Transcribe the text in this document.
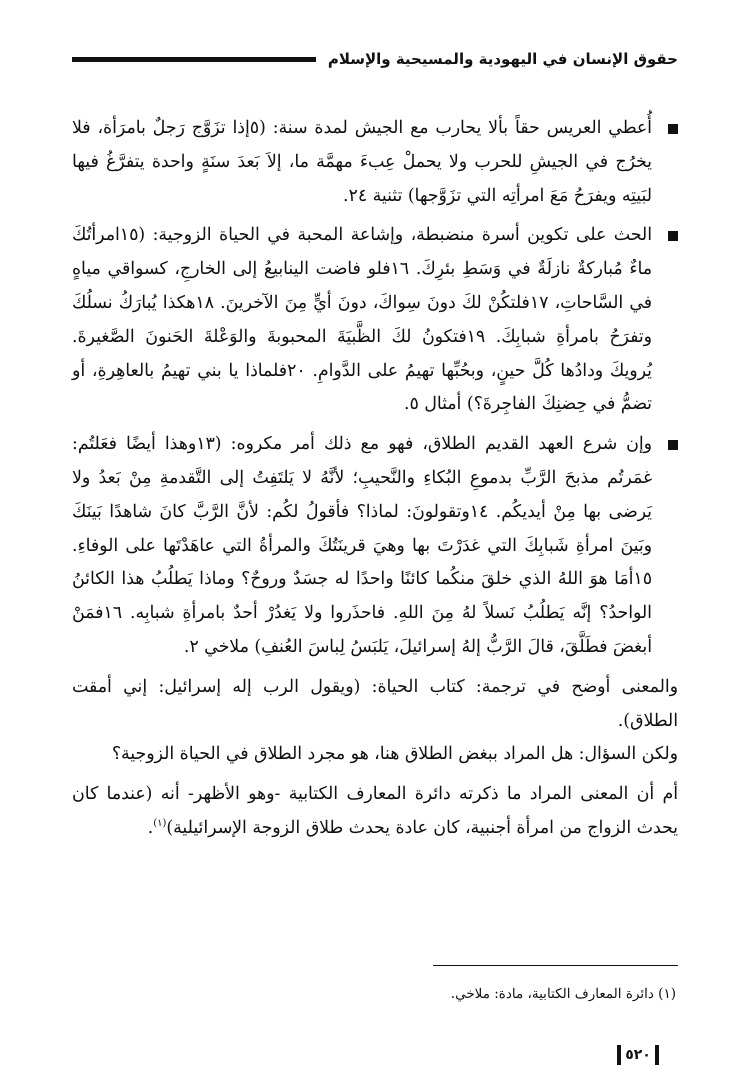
حقوق الإنسان في اليهودية والمسيحية والإسلام

أُعطي العريس حقاً بألا يحارب مع الجيش لمدة سنة: (٥إذا تزَوَّج رَجلٌ بامرَأة، فلا يخرُج في الجيشِ للحرب ولا يحملْ عِبءَ مهمَّة ما، إلاَ بَعدَ سنَةٍ واحدة يتفرَّغُ فيها لبَيتِه ويفرَحُ مَعَ امرأتِه التي تزَوَّجها) تثنية ٢٤.

الحث على تكوين أسرة منضبطة، وإشاعة المحبة في الحياة الزوجية: (١٥امرأتُكَ ماءٌ مُباركةٌ نازلَةٌ في وَسَطِ بئرِكَ. ١٦فلو فاضت الينابيعُ إلى الخارجِ، كسواقي مياهٍ في السَّاحاتِ، ١٧فلتكُنْ لكَ دونَ سِواكَ، دونَ أيٍّ مِنَ الآخرينَ. ١٨هكذا يُبارَكُ نسلُكَ وتفرَحُ بامرأةِ شبابِكَ. ١٩فتكونُ لكَ الظَّبيَةَ المحبوبةَ والوَعْلةَ الحَنونَ الصَّغيرةَ. يُرويكَ ودادُها كُلَّ حينٍ، وبحُبِّها تهيمُ على الدَّوامِ. ٢٠فلماذا يا بني تهيمُ بالعاهِرةِ، أو تضمُّ في حِضنِكَ الفاجِرةَ؟) أمثال ٥.

وإن شرع العهد القديم الطلاق، فهو مع ذلك أمر مكروه: (١٣وهذا أيضًا فعَلتُم: غمَرتُم مذبحَ الرَّبِّ بدموعِ البُكاءِ والنَّحيبِ؛ لأنَّهُ لا يَلتَفِتُ إلى التَّقدمةِ مِنْ بَعدُ ولا يَرضى بها مِنْ أيديكُم. ١٤وتقولونَ: لماذا؟ فأقولُ لكُم: لأنَّ الرَّبَّ كانَ شاهدًا بَينَكَ وبَينَ امرأةِ شَبابِكَ التي غدَرْتَ بها وهيَ قرينَتُكَ والمرأةُ التي عاهَدْتَها على الوفاءِ. ١٥أمَا هوَ اللهُ الذي خلقَ منكُما كائنًا واحدًا له جسَدٌ وروحٌ؟ وماذا يَطلُبُ هذا الكائنُ الواحدُ؟ إنَّه يَطلُبُ نَسلاً لهُ مِنَ اللهِ. فاحذَروا ولا يَغدُرْ أحدٌ بامرأةِ شبابِه. ١٦فمَنْ أبغضَ فطَلَّقَ، قالَ الرَّبُّ إلهُ إسرائيلَ، يَلبَسُ لِباسَ العُنفِ) ملاخي ٢.

والمعنى أوضح في ترجمة: كتاب الحياة: (ويقول الرب إله إسرائيل: إني أمقت الطلاق).

ولكن السؤال: هل المراد ببغض الطلاق هنا، هو مجرد الطلاق في الحياة الزوجية؟

أم أن المعنى المراد ما ذكرته دائرة المعارف الكتابية -وهو الأظهر- أنه (عندما كان يحدث الزواج من امرأة أجنبية، كان عادة يحدث طلاق الزوجة الإسرائيلية)$^{(١)}$.

(١) دائرة المعارف الكتابية، مادة: ملاخي.
٥٢٠
